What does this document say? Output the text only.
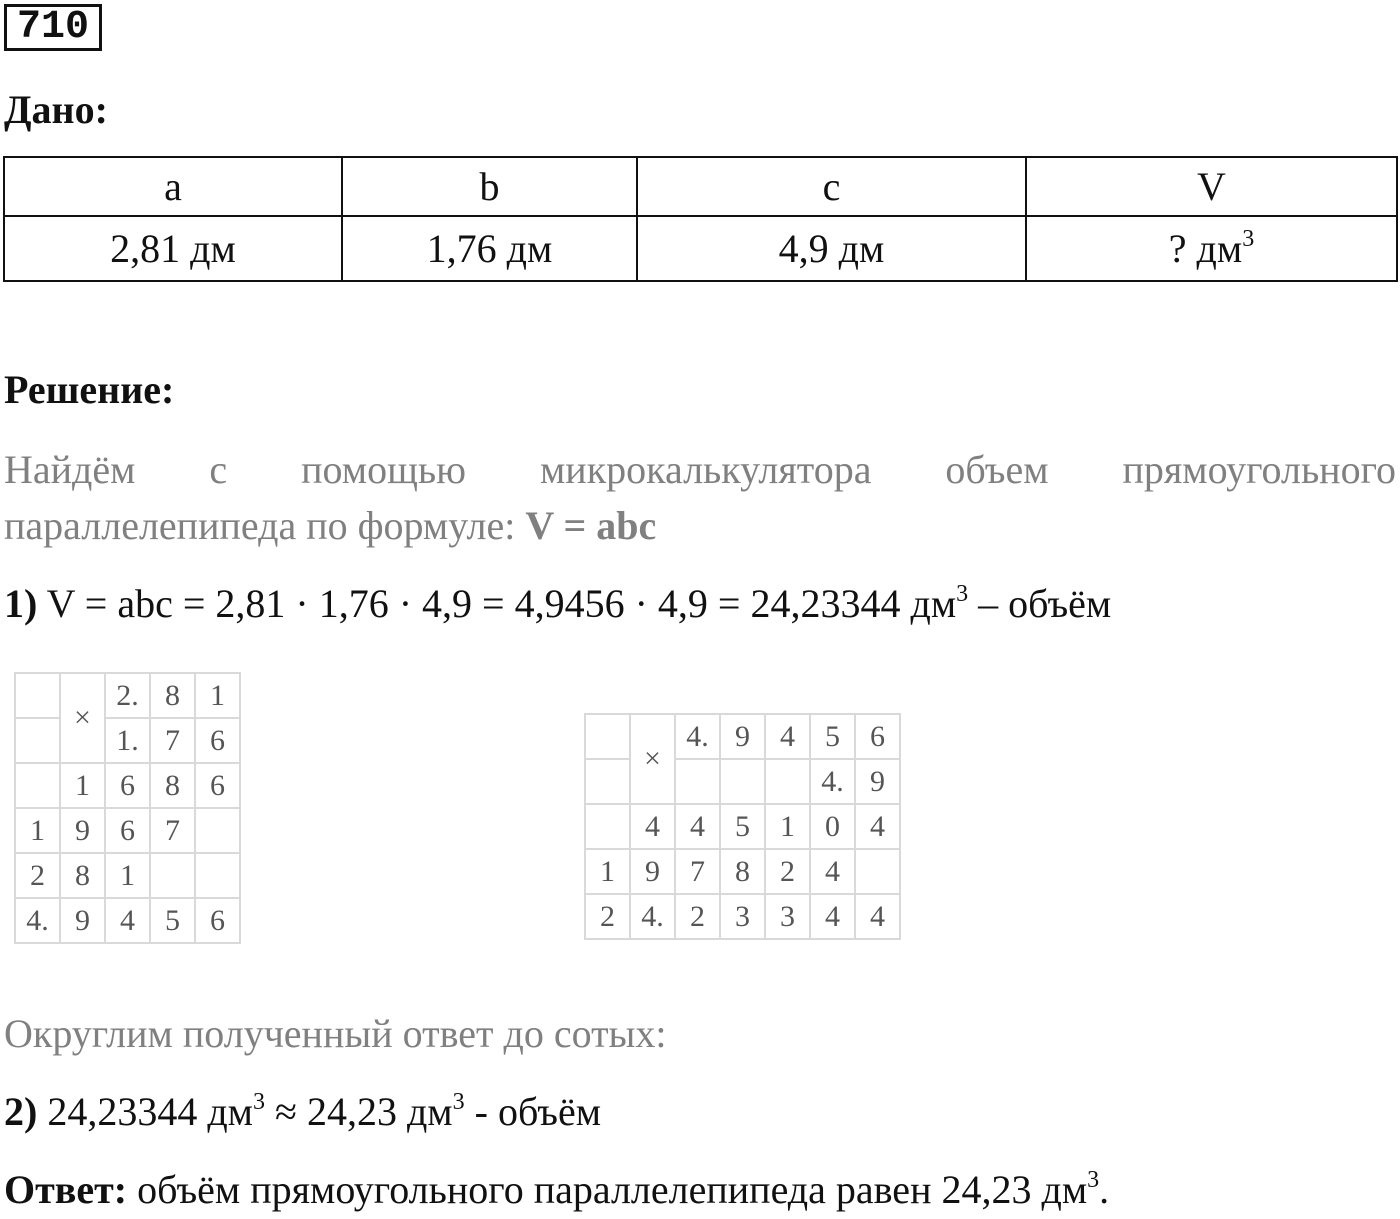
710
Дано:
a	b	c	V
2,81 дм	1,76 дм	4,9 дм	? $дм^3$
Решение:
Найдём с помощью микрокалькулятора объем прямоугольного
параллелепипеда по формуле: V = abc
1) V = abc = 2,81 · 1,76 · 4,9 = 4,9456 · 4,9 = 24,23344 $дм^3$ – объём
	×	2.	8	1
		1.	7	6
	1	6	8	6
1	9	6	7	
2	8	1		
4.	9	4	5	6
	×	4.	9	4	5	6
					4.	9
	4	4	5	1	0	4
1	9	7	8	2	4	
2	4.	2	3	3	4	4
Округлим полученный ответ до сотых:
2) 24,23344 $дм^3 \approx 24,23$ $дм^3$ - объём
Ответ: объём прямоугольного параллелепипеда равен 24,23 $дм^3$.
